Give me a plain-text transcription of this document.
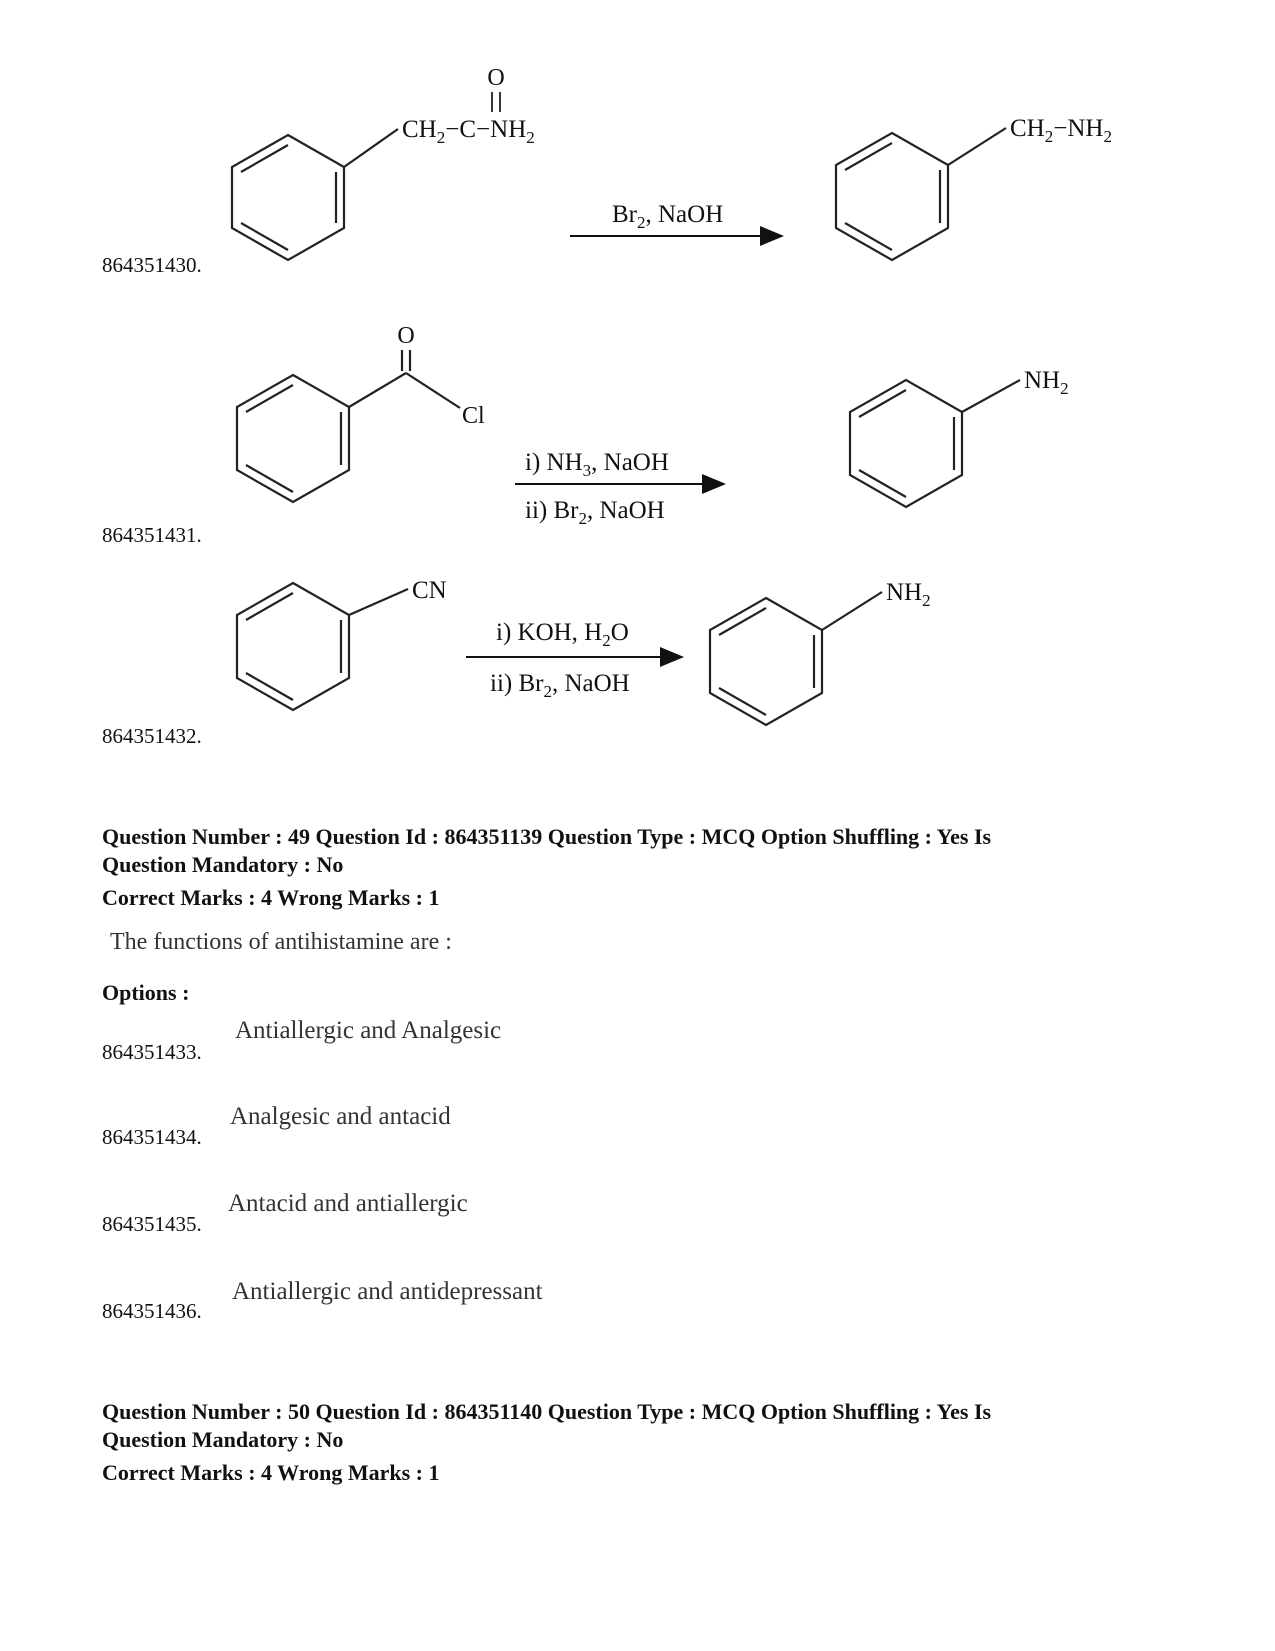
O
$CH_2-C-NH_2$
$Br_2$, NaOH
$CH_2-NH_2$
O
Cl
i) $NH_3$, NaOH
ii) $Br_2$, NaOH
$NH_2$
CN
i) KOH, $H_2O$
ii) $Br_2$, NaOH
$NH_2$
864351430.
864351431.
864351432.
Question Number : 49 Question Id : 864351139 Question Type : MCQ Option Shuffling : Yes Is
Question Mandatory : No
Correct Marks : 4 Wrong Marks : 1
The functions of antihistamine are :
Options :
864351433.
Antiallergic and Analgesic
864351434.
Analgesic and antacid
864351435.
Antacid and antiallergic
864351436.
Antiallergic and antidepressant
Question Number : 50 Question Id : 864351140 Question Type : MCQ Option Shuffling : Yes Is
Question Mandatory : No
Correct Marks : 4 Wrong Marks : 1
